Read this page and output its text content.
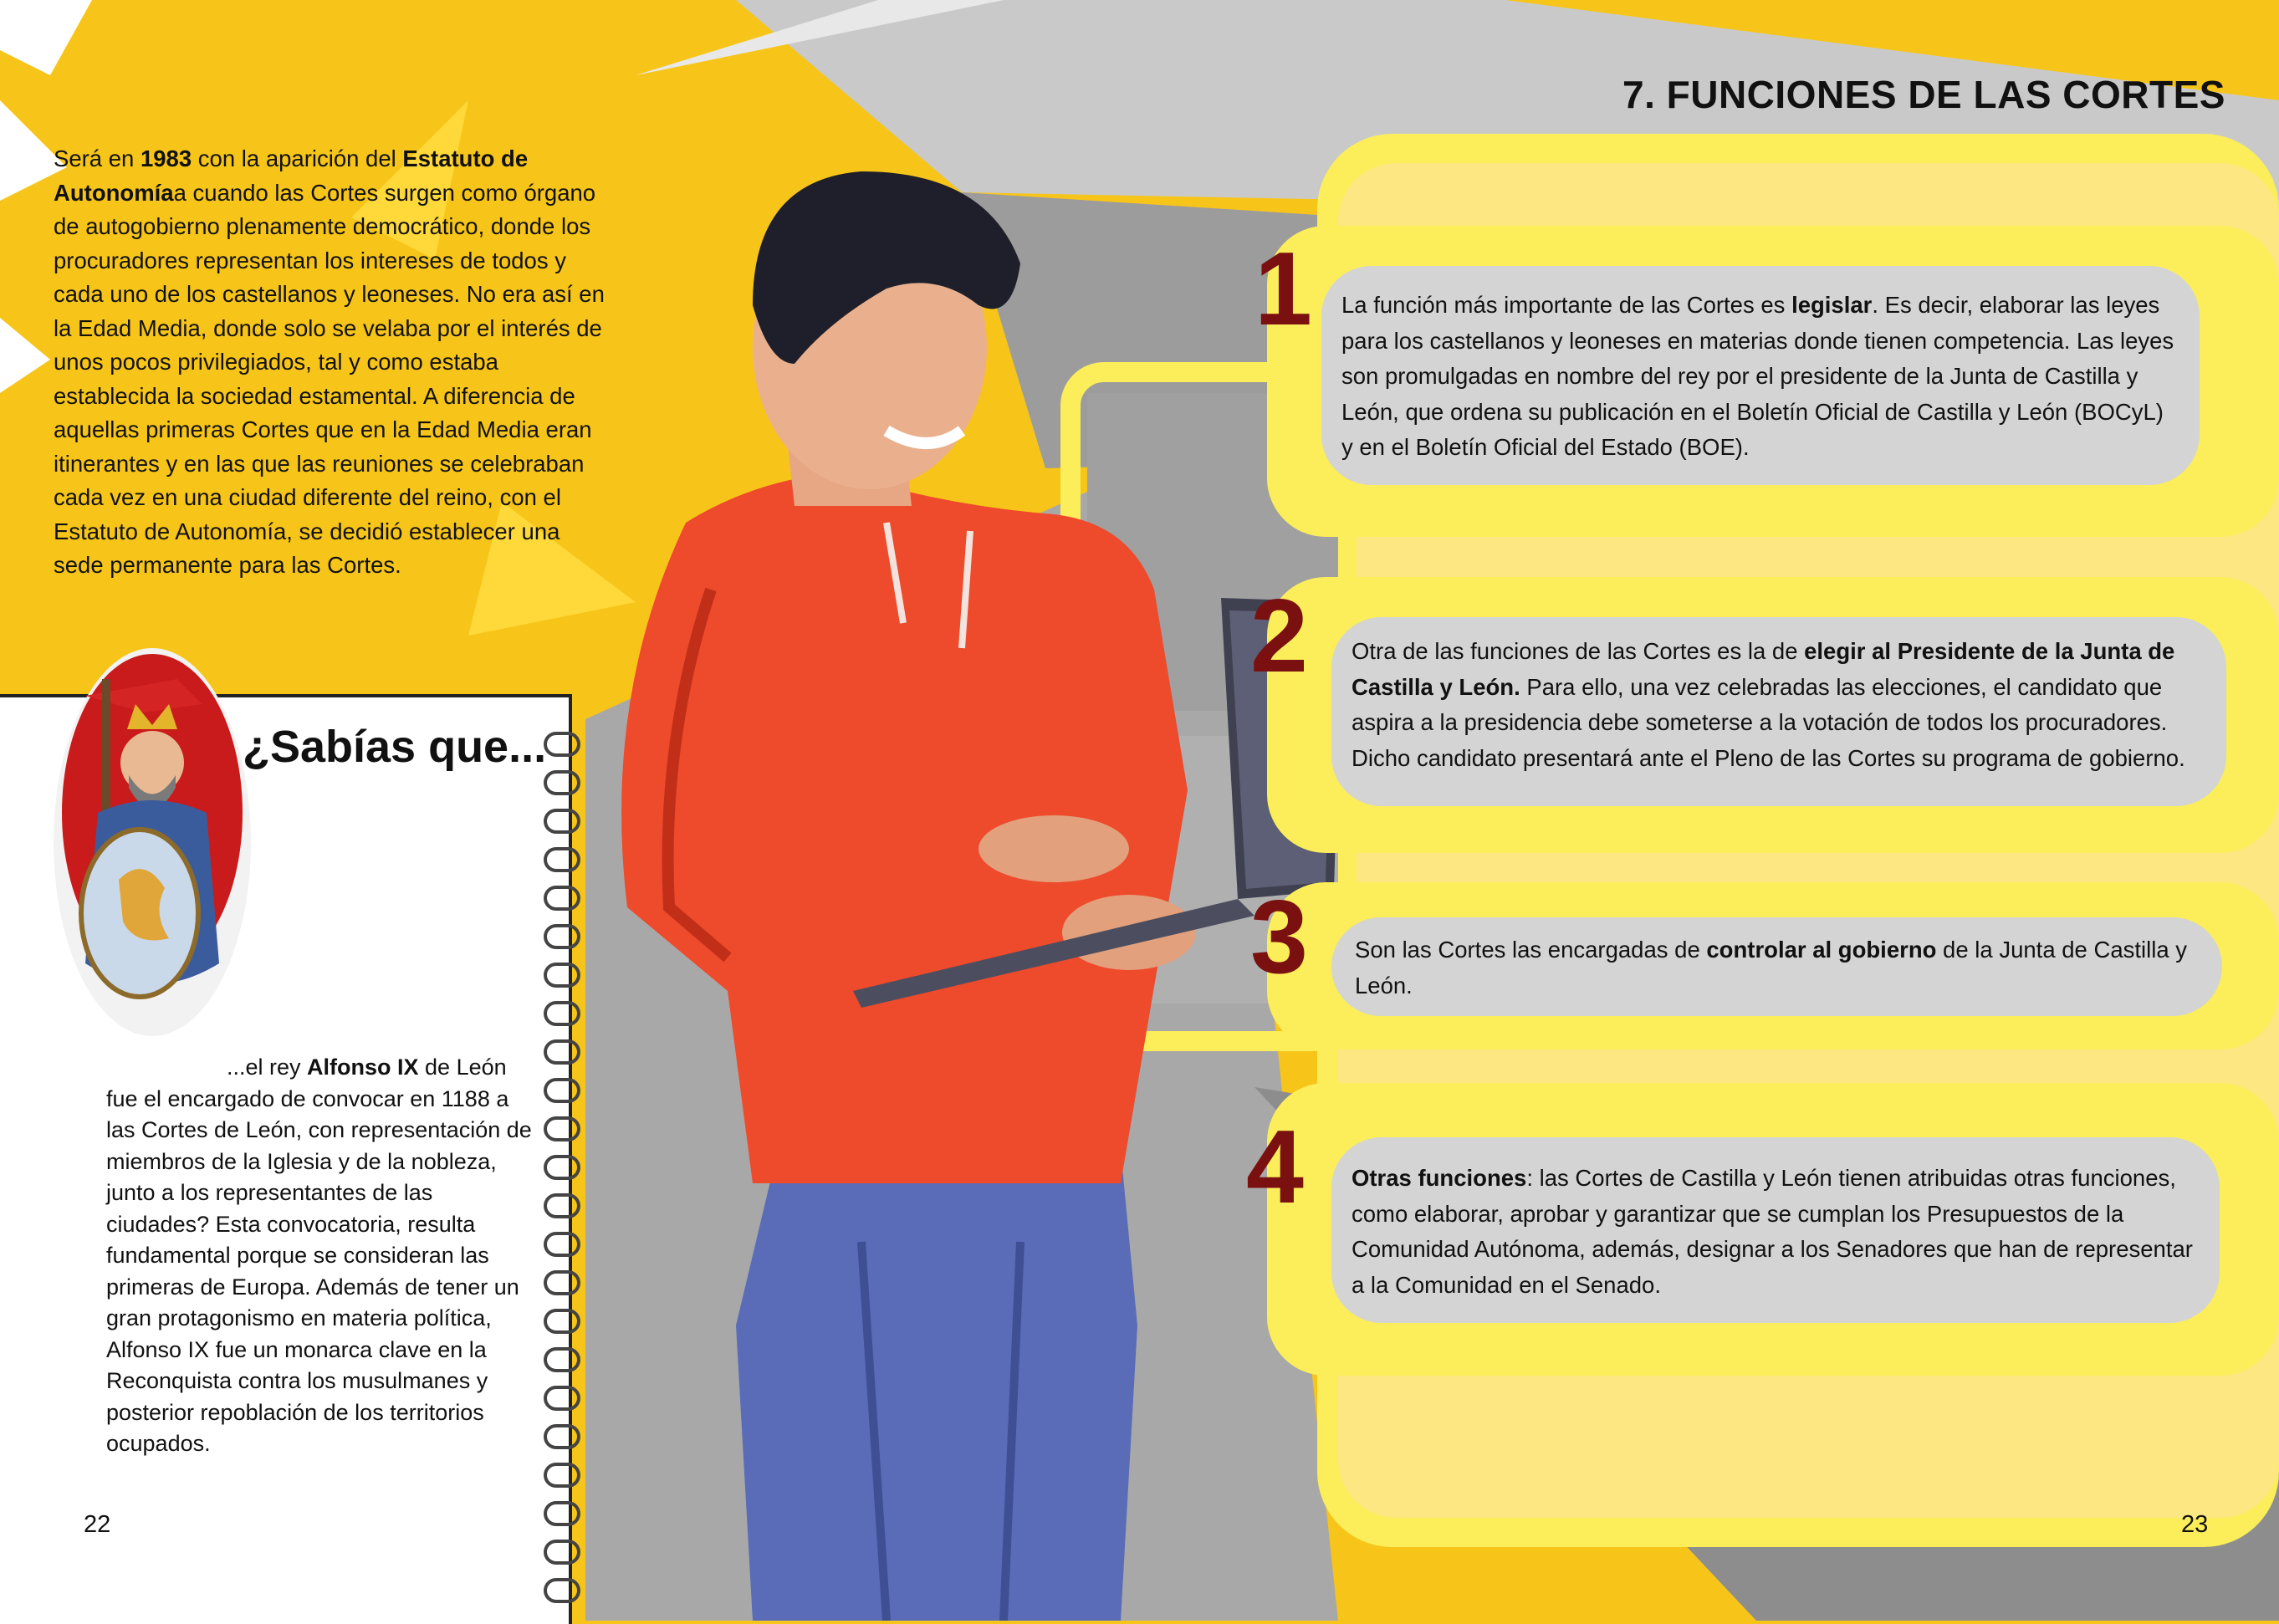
7. FUNCIONES DE LAS CORTES
Será en 1983 con la aparición del Estatuto de Autonomíaa cuando las Cortes surgen como órgano de autogobierno plenamente democrático, donde los procuradores representan los intereses de todos y cada uno de los castellanos y leoneses. No era así en la Edad Media, donde solo se velaba por el interés de unos pocos privilegiados, tal y como estaba establecida la sociedad estamental. A diferencia de aquellas primeras Cortes que en la Edad Media eran itinerantes y en las que las reuniones se celebraban cada vez en una ciudad diferente del reino, con el Estatuto de Autonomía, se decidió establecer una sede permanente para las Cortes.
¿Sabías que...
...el rey Alfonso IX de León fue el encargado de convocar en 1188 a las Cortes de León, con representación de miembros de la Iglesia y de la nobleza, junto a los representantes de las ciudades? Esta convocatoria, resulta fundamental porque se consideran las primeras de Europa. Además de tener un gran protagonismo en materia política, Alfonso IX fue un monarca clave en la Reconquista contra los musulmanes y posterior repoblación de los territorios ocupados.
22	23
1 La función más importante de las Cortes es legislar. Es decir, elaborar las leyes para los castellanos y leoneses en materias donde tienen competencia. Las leyes son promulgadas en nombre del rey por el presidente de la Junta de Castilla y León, que ordena su publicación en el Boletín Oficial de Castilla y León (BOCyL) y en el Boletín Oficial del Estado (BOE).

2 Otra de las funciones de las Cortes es la de elegir al Presidente de la Junta de Castilla y León. Para ello, una vez celebradas las elecciones, el candidato que aspira a la presidencia debe someterse a la votación de todos los procuradores. Dicho candidato presentará ante el Pleno de las Cortes su programa de gobierno.

3 Son las Cortes las encargadas de controlar al gobierno de la Junta de Castilla y León.

4 Otras funciones: las Cortes de Castilla y León tienen atribuidas otras funciones, como elaborar, aprobar y garantizar que se cumplan los Presupuestos de la Comunidad Autónoma, además, designar a los Senadores que han de representar a la Comunidad en el Senado.
